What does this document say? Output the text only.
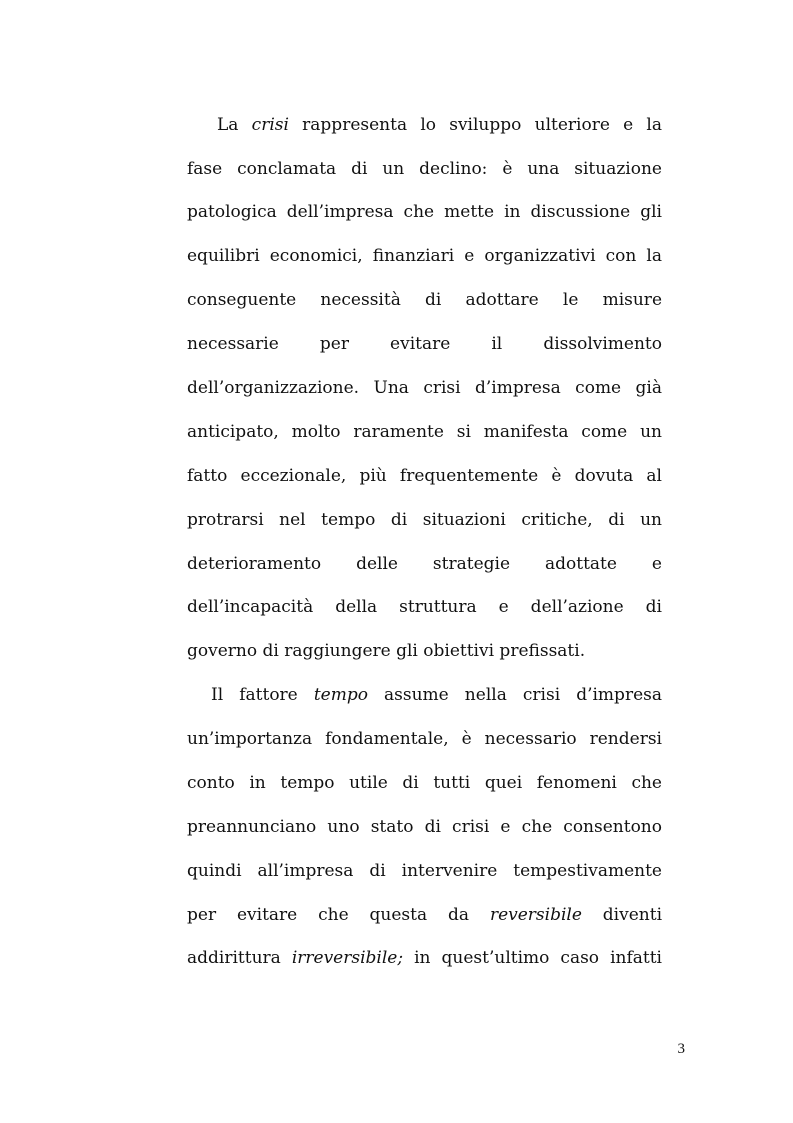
La crisi rappresenta lo sviluppo ulteriore e la
fase conclamata di un declino: è una situazione
patologica dell’impresa che mette in discussione gli
equilibri economici, finanziari e organizzativi con la
conseguente necessità di adottare le misure
necessarie per evitare il dissolvimento
dell’organizzazione. Una crisi d’impresa come già
anticipato, molto raramente si manifesta come un
fatto eccezionale, più frequentemente è dovuta al
protrarsi nel tempo di situazioni critiche, di un
deterioramento delle strategie adottate e
dell’incapacità della struttura e dell’azione di
governo di raggiungere gli obiettivi prefissati.
Il fattore tempo assume nella crisi d’impresa
un’importanza fondamentale, è necessario rendersi
conto in tempo utile di tutti quei fenomeni che
preannunciano uno stato di crisi e che consentono
quindi all’impresa di intervenire tempestivamente
per evitare che questa da reversibile diventi
addirittura irreversibile; in quest’ultimo caso infatti
3
